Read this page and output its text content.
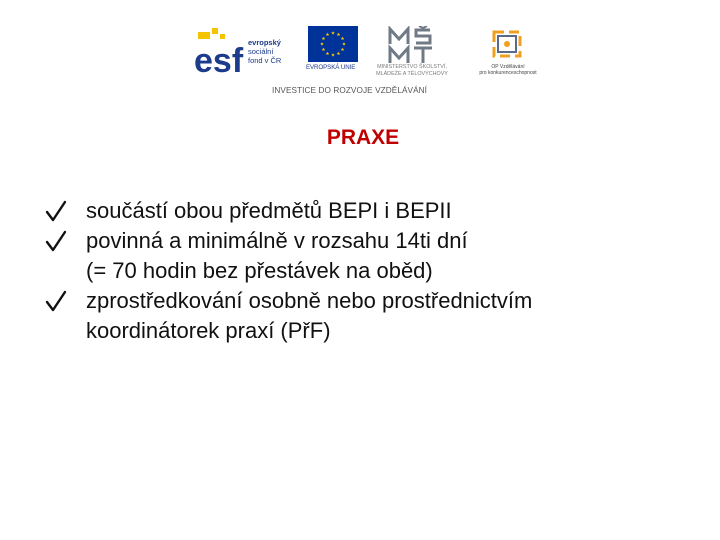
esf evropský
sociální
fond v ČR
EVROPSKÁ UNIE	MINISTERSTVO ŠKOLSTVÍ,
MLÁDEŽE A TĚLOVÝCHOVY
OP Vzdělávání
pro konkurenceschopnost
INVESTICE DO ROZVOJE VZDĚLÁVÁNÍ
PRAXE
součástí obou předmětů BEPI i BEPII
povinná a minimálně v rozsahu 14ti dní
(= 70 hodin bez přestávek na oběd)
zprostředkování osobně nebo prostřednictvím
koordinátorek praxí (PřF)
